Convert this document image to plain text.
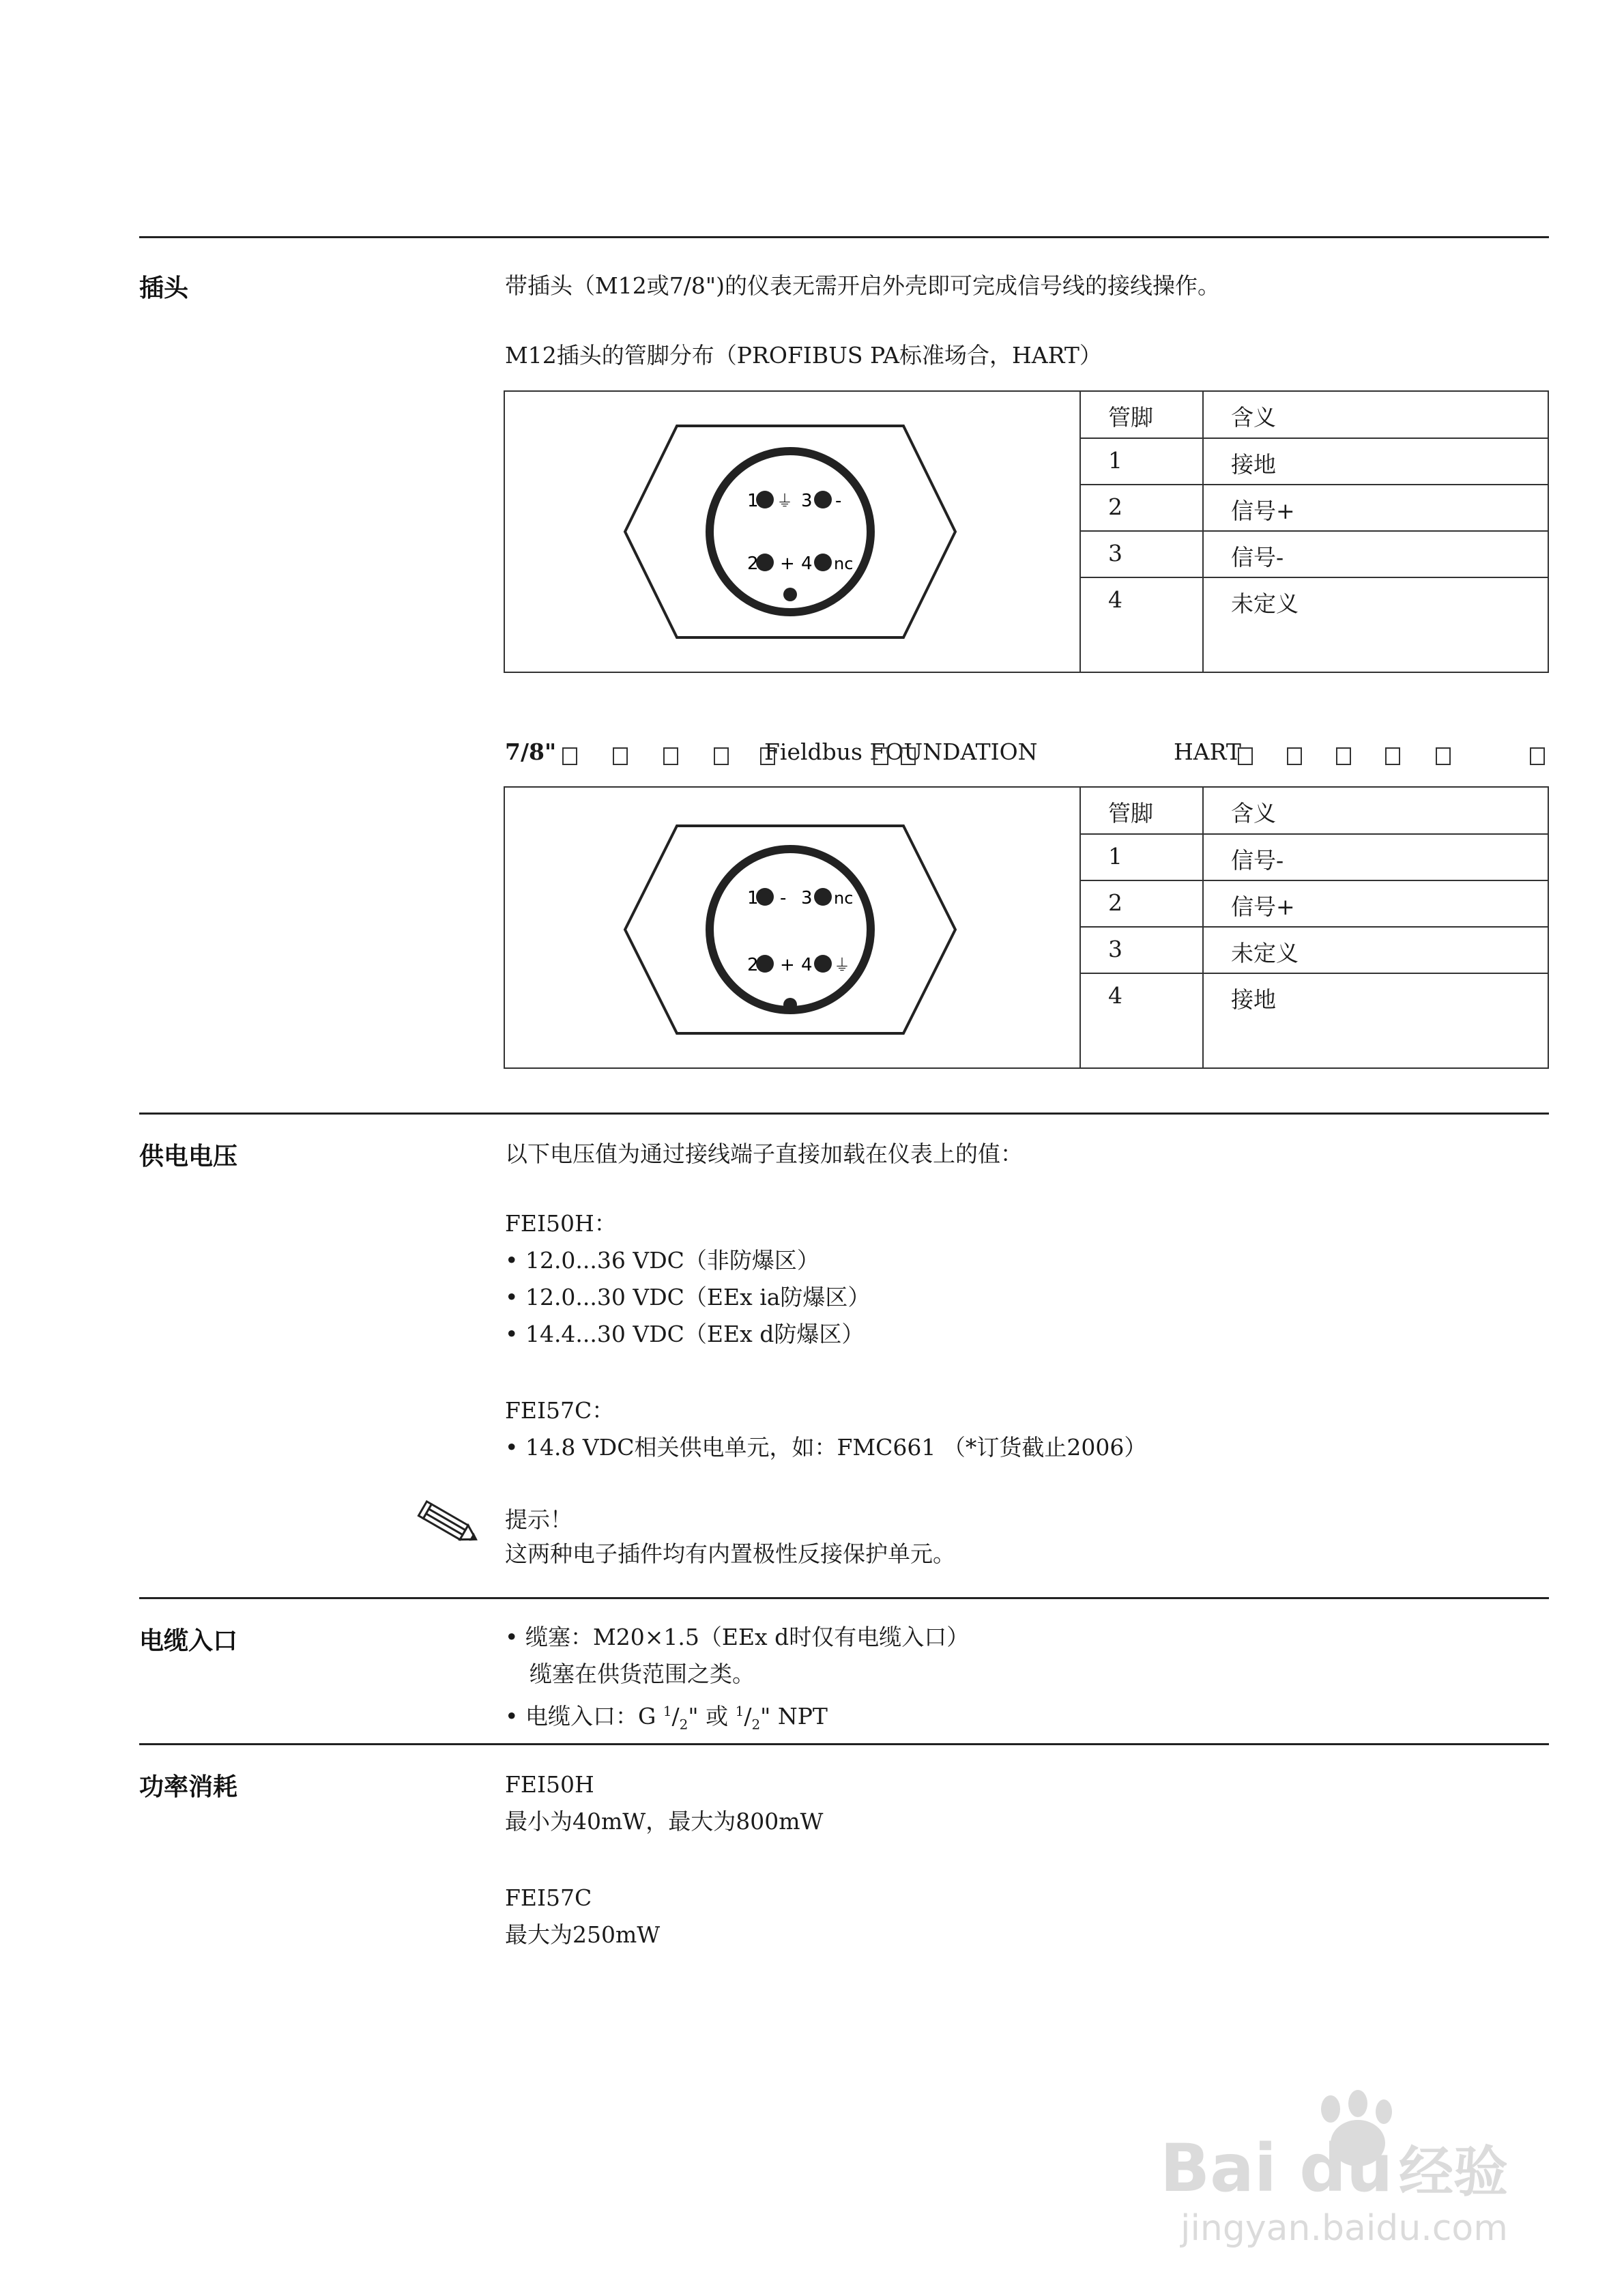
插头	带插头（M12或7/8")的仪表无需开启外壳即可完成信号线的接线操作。
M12插头的管脚分布（PROFIBUS PA标准场合，HART）
1 ⏚ 3 -
2 + 4 nc
管脚	含义
1	接地
2	信号+
3	信号-
4	未定义
7/8"	Fieldbus FOUNDATION	HART
1 - 3 nc
2 + 4 ⏚
管脚	含义
1	信号-
2	信号+
3	未定义
4	接地
供电电压	以下电压值为通过接线端子直接加载在仪表上的值：
FEI50H：
• 12.0...36 VDC（非防爆区）
• 12.0...30 VDC（EEx ia防爆区）
• 14.4...30 VDC（EEx d防爆区）
FEI57C：
• 14.8 VDC相关供电单元，如：FMC661 （*订货截止2006）
提示！
这两种电子插件均有内置极性反接保护单元。
电缆入口	• 缆塞：M20×1.5（EEx d时仅有电缆入口）
缆塞在供货范围之类。
• 电缆入口：G $^1/_2$" 或 $^1/_2$" NPT
功率消耗	FEI50H
最小为40mW，最大为800mW
FEI57C
最大为250mW
Bai du 经验
jingyan.baidu.com
